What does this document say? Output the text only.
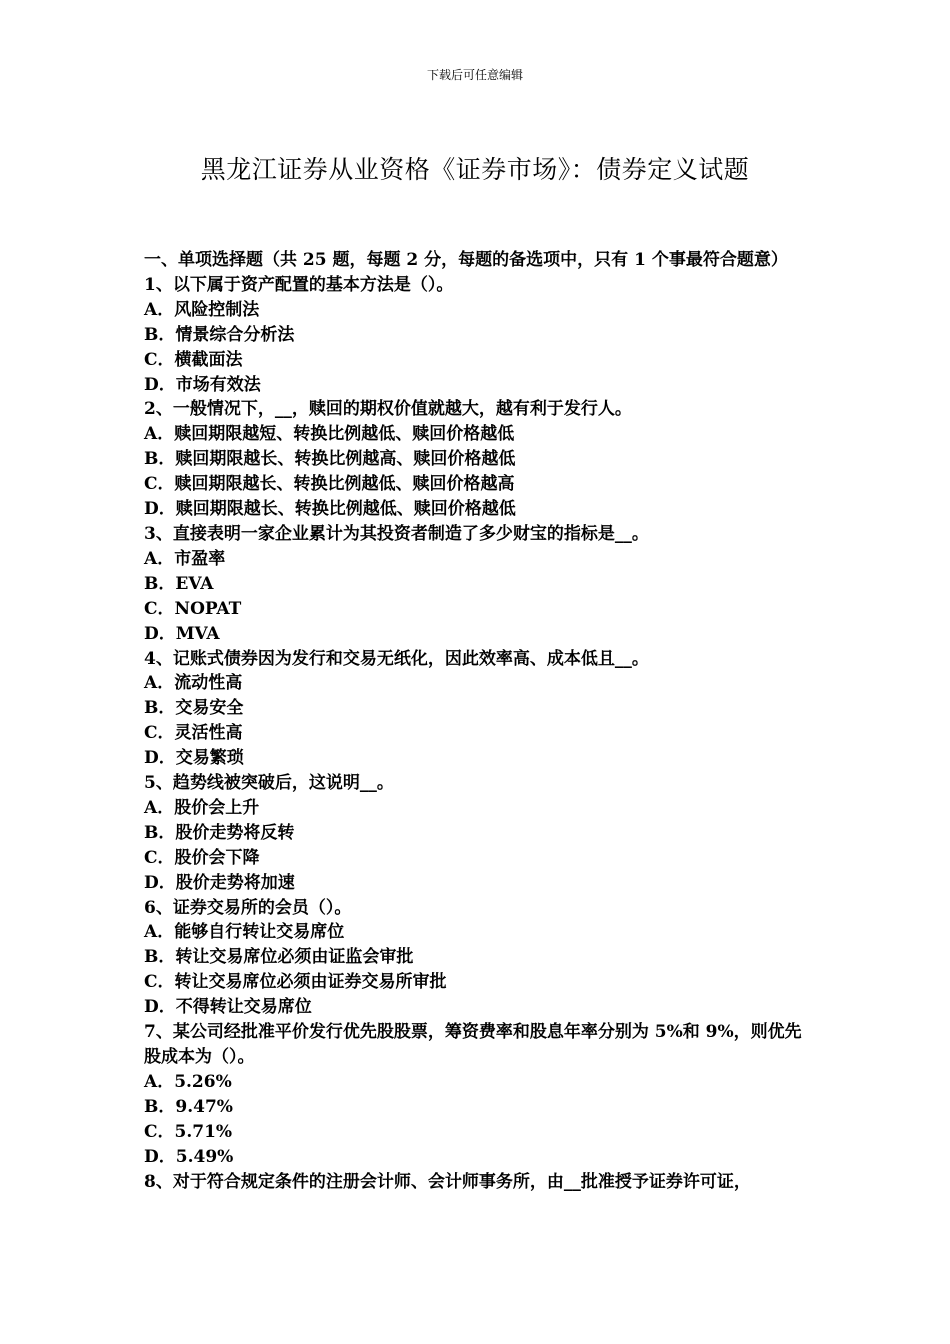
下载后可任意编辑
黑龙江证券从业资格《证券市场》：债券定义试题

一、单项选择题（共 25 题，每题 2 分，每题的备选项中，只有 1 个事最符合题意）

1、以下属于资产配置的基本方法是（）。

A．风险控制法

B．情景综合分析法

C．横截面法

D．市场有效法

2、一般情况下，__，赎回的期权价值就越大，越有利于发行人。

A．赎回期限越短、转换比例越低、赎回价格越低

B．赎回期限越长、转换比例越高、赎回价格越低

C．赎回期限越长、转换比例越低、赎回价格越高

D．赎回期限越长、转换比例越低、赎回价格越低

3、直接表明一家企业累计为其投资者制造了多少财宝的指标是__。

A．市盈率

B．EVA

C．NOPAT

D．MVA

4、记账式债券因为发行和交易无纸化，因此效率高、成本低且__。

A．流动性高

B．交易安全

C．灵活性高

D．交易繁琐

5、趋势线被突破后，这说明__。

A．股价会上升

B．股价走势将反转

C．股价会下降

D．股价走势将加速

6、证券交易所的会员（）。

A．能够自行转让交易席位

B．转让交易席位必须由证监会审批

C．转让交易席位必须由证券交易所审批

D．不得转让交易席位

7、某公司经批准平价发行优先股股票，筹资费率和股息年率分别为 5%和 9%，则优先股成本为（）。

A．5.26%

B．9.47%

C．5.71%

D．5.49%

8、对于符合规定条件的注册会计师、会计师事务所，由__批准授予证券许可证，
